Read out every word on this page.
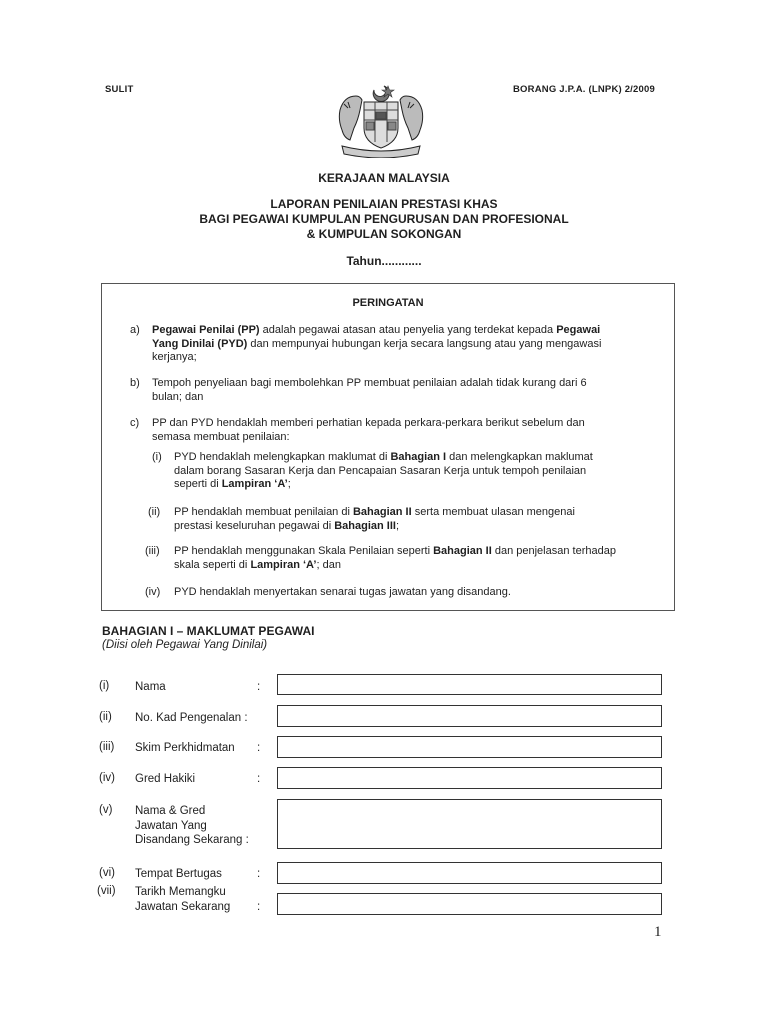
SULIT	BORANG J.P.A. (LNPK) 2/2009
KERAJAAN MALAYSIA
LAPORAN PENILAIAN PRESTASI KHAS
BAGI PEGAWAI KUMPULAN PENGURUSAN DAN PROFESIONAL
& KUMPULAN SOKONGAN
Tahun............
PERINGATAN
a) Pegawai Penilai (PP) adalah pegawai atasan atau penyelia yang terdekat kepada Pegawai
Yang Dinilai (PYD) dan mempunyai hubungan kerja secara langsung atau yang mengawasi
kerjanya;
b) Tempoh penyeliaan bagi membolehkan PP membuat penilaian adalah tidak kurang dari 6
bulan; dan
c) PP dan PYD hendaklah memberi perhatian kepada perkara-perkara berikut sebelum dan
semasa membuat penilaian:
(i) PYD hendaklah melengkapkan maklumat di Bahagian I dan melengkapkan maklumat
dalam borang Sasaran Kerja dan Pencapaian Sasaran Kerja untuk tempoh penilaian
seperti di Lampiran ‘A’;
(ii) PP hendaklah membuat penilaian di Bahagian II serta membuat ulasan mengenai
prestasi keseluruhan pegawai di Bahagian III;
(iii) PP hendaklah menggunakan Skala Penilaian seperti Bahagian II dan penjelasan terhadap
skala seperti di Lampiran ‘A’; dan
(iv) PYD hendaklah menyertakan senarai tugas jawatan yang disandang.
BAHAGIAN I – MAKLUMAT PEGAWAI
(Diisi oleh Pegawai Yang Dinilai)
(i) Nama	:
(ii) No. Kad Pengenalan :
(iii) Skim Perkhidmatan :
(iv) Gred Hakiki	:
(v) Nama & Gred
Jawatan Yang
Disandang Sekarang :
(vi) Tempat Bertugas	:
(vii) Tarikh Memangku
Jawatan Sekarang :
1
